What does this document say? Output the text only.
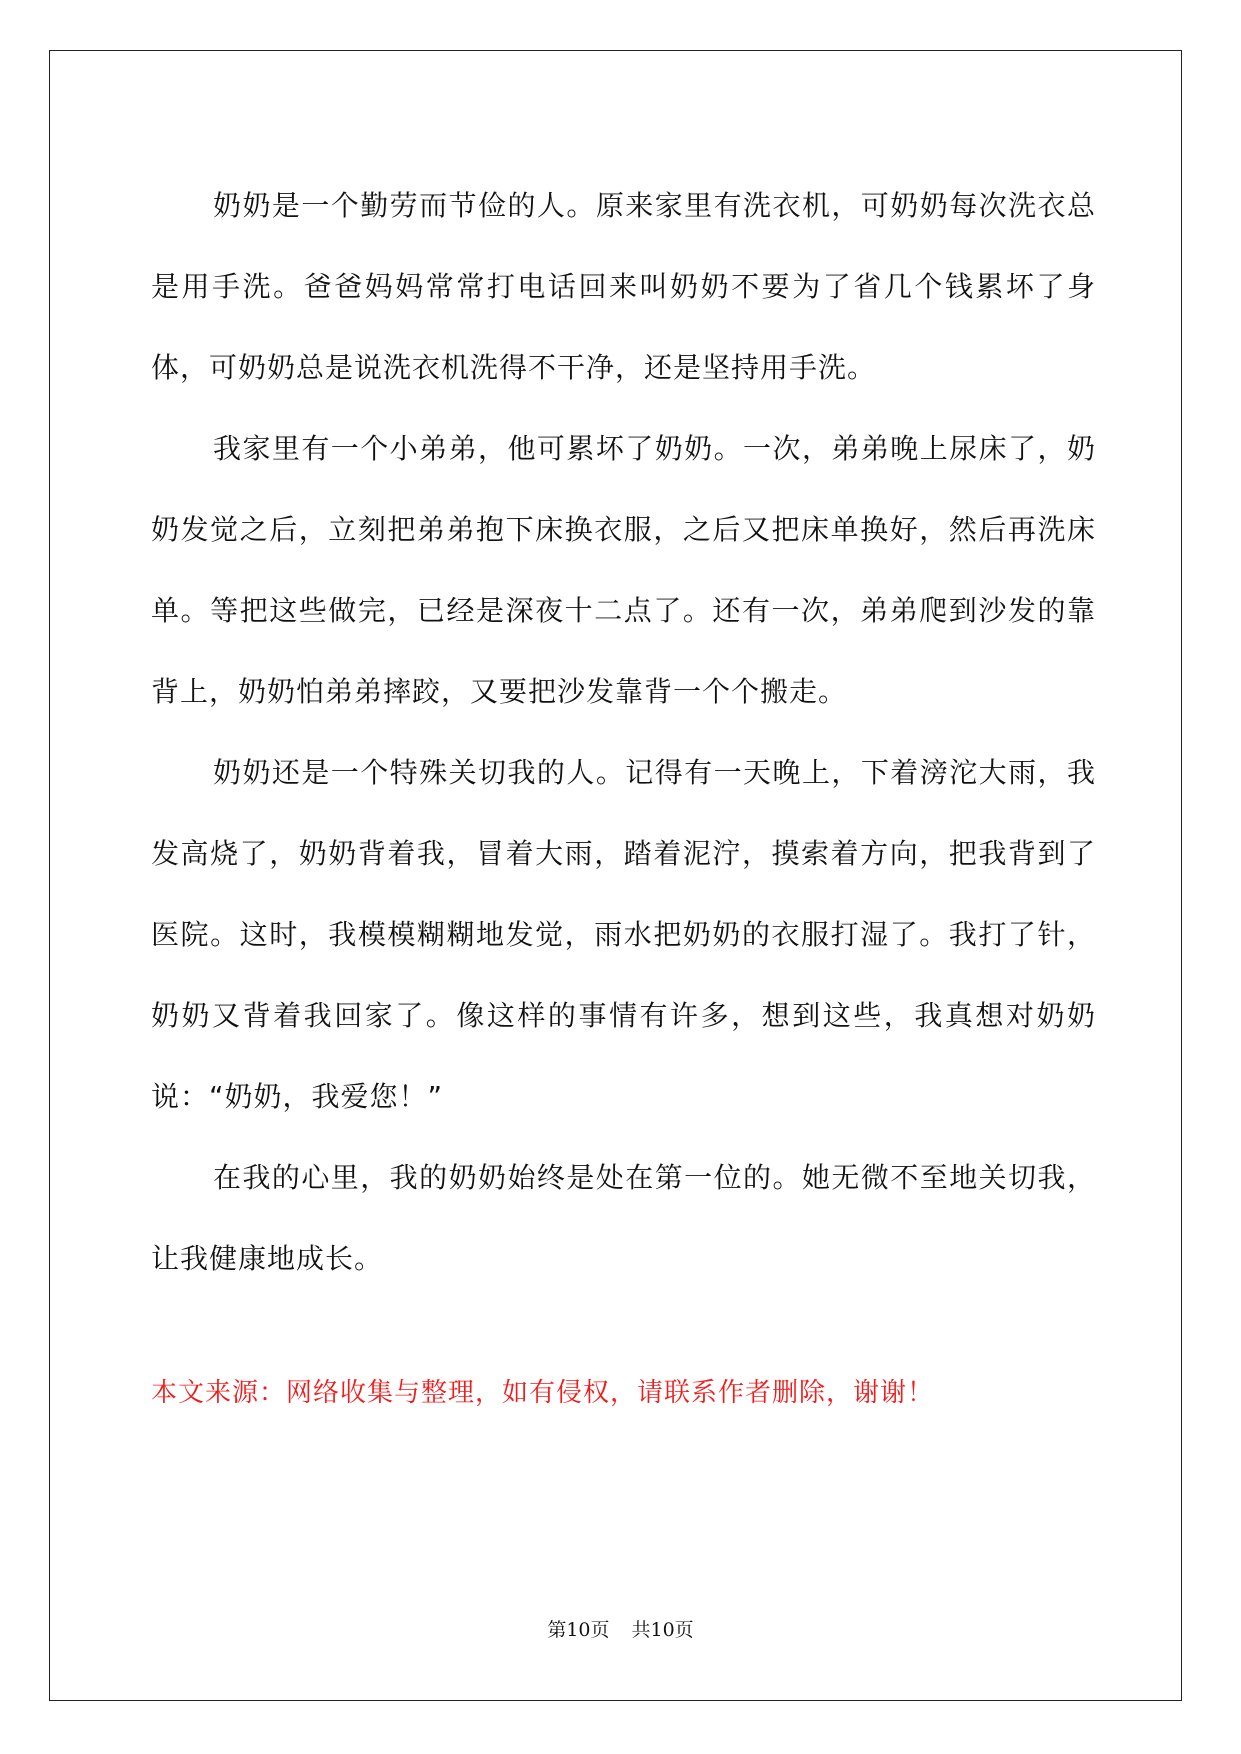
奶奶是一个勤劳而节俭的人。原来家里有洗衣机，可奶奶每次洗衣总是用手洗。爸爸妈妈常常打电话回来叫奶奶不要为了省几个钱累坏了身体，可奶奶总是说洗衣机洗得不干净，还是坚持用手洗。

我家里有一个小弟弟，他可累坏了奶奶。一次，弟弟晚上尿床了，奶奶发觉之后，立刻把弟弟抱下床换衣服，之后又把床单换好，然后再洗床单。等把这些做完，已经是深夜十二点了。还有一次，弟弟爬到沙发的靠背上，奶奶怕弟弟摔跤，又要把沙发靠背一个个搬走。

奶奶还是一个特殊关切我的人。记得有一天晚上，下着滂沱大雨，我发高烧了，奶奶背着我，冒着大雨，踏着泥泞，摸索着方向，把我背到了医院。这时，我模模糊糊地发觉，雨水把奶奶的衣服打湿了。我打了针，奶奶又背着我回家了。像这样的事情有许多，想到这些，我真想对奶奶说：“奶奶，我爱您！”

在我的心里，我的奶奶始终是处在第一位的。她无微不至地关切我，让我健康地成长。

本文来源：网络收集与整理，如有侵权，请联系作者删除，谢谢！

第10页 共10页
